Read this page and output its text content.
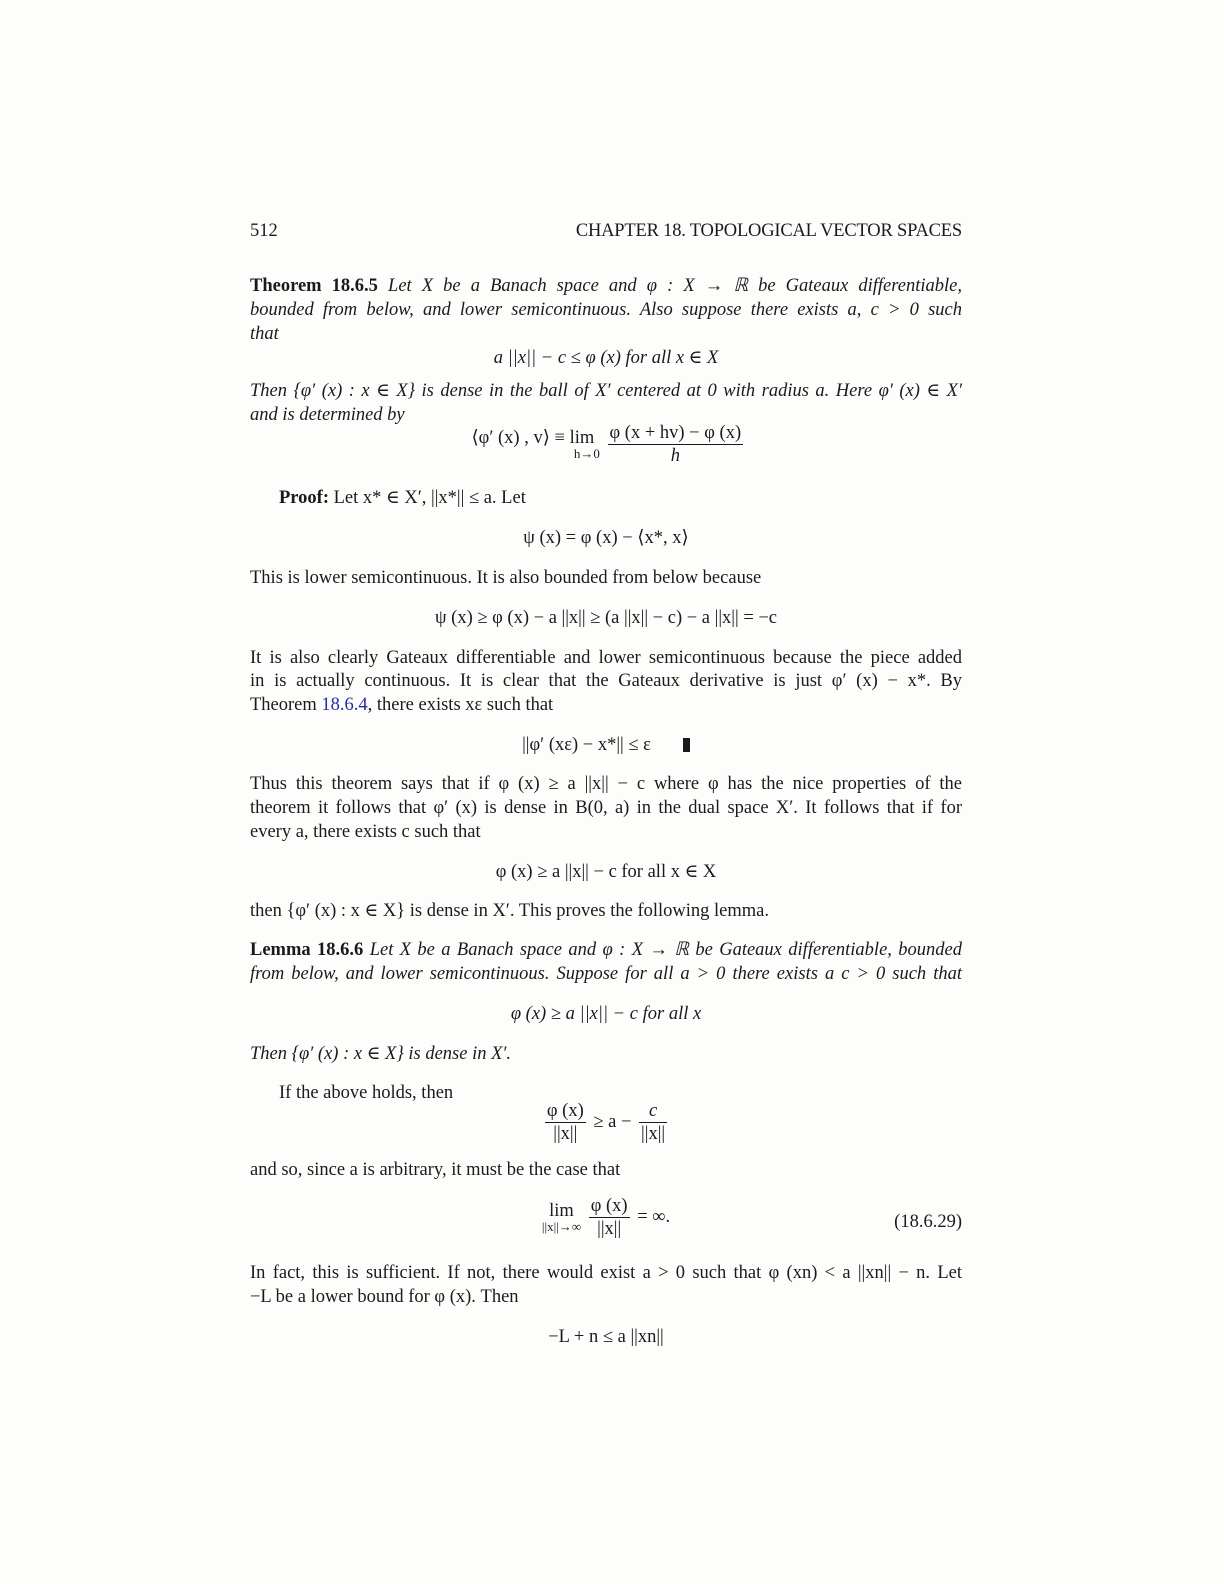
512	CHAPTER 18. TOPOLOGICAL VECTOR SPACES
Theorem 18.6.5 Let X be a Banach space and φ : X → ℝ be Gateaux differentiable,
bounded from below, and lower semicontinuous. Also suppose there exists a, c > 0 such
that
a ||x|| − c ≤ φ (x) for all x ∈ X
Then {φ′ (x) : x ∈ X} is dense in the ball of X′ centered at 0 with radius a. Here φ′ (x) ∈ X′
and is determined by
⟨φ′ (x) , v⟩ ≡ lim
h→0
$\frac{\varphi (x + hv) - \varphi (x)}{h}$
Proof: Let x* ∈ X′, ||x*|| ≤ a. Let
ψ (x) = φ (x) − ⟨x*, x⟩
This is lower semicontinuous. It is also bounded from below because
ψ (x) ≥ φ (x) − a ||x|| ≥ (a ||x|| − c) − a ||x|| = −c
It is also clearly Gateaux differentiable and lower semicontinuous because the piece added
in is actually continuous. It is clear that the Gateaux derivative is just φ′ (x) − x*. By
Theorem 18.6.4, there exists xε such that
||φ′ (xε) − x*|| ≤ ε
Thus this theorem says that if φ (x) ≥ a ||x|| − c where φ has the nice properties of the
theorem it follows that φ′ (x) is dense in B(0, a) in the dual space X′. It follows that if for
every a, there exists c such that
φ (x) ≥ a ||x|| − c for all x ∈ X
then {φ′ (x) : x ∈ X} is dense in X′. This proves the following lemma.
Lemma 18.6.6 Let X be a Banach space and φ : X → ℝ be Gateaux differentiable, bounded
from below, and lower semicontinuous. Suppose for all a > 0 there exists a c > 0 such that
φ (x) ≥ a ||x|| − c for all x
Then {φ′ (x) : x ∈ X} is dense in X′.
If the above holds, then
$\frac{\varphi (x)}{||x||} \ge a - \frac{c}{||x||}$
and so, since a is arbitrary, it must be the case that
lim
||x||→∞
$\frac{\varphi (x)}{||x||}$ = ∞.	(18.6.29)
In fact, this is sufficient. If not, there would exist a > 0 such that φ (xn) < a ||xn|| − n. Let
−L be a lower bound for φ (x). Then
−L + n ≤ a ||xn||
